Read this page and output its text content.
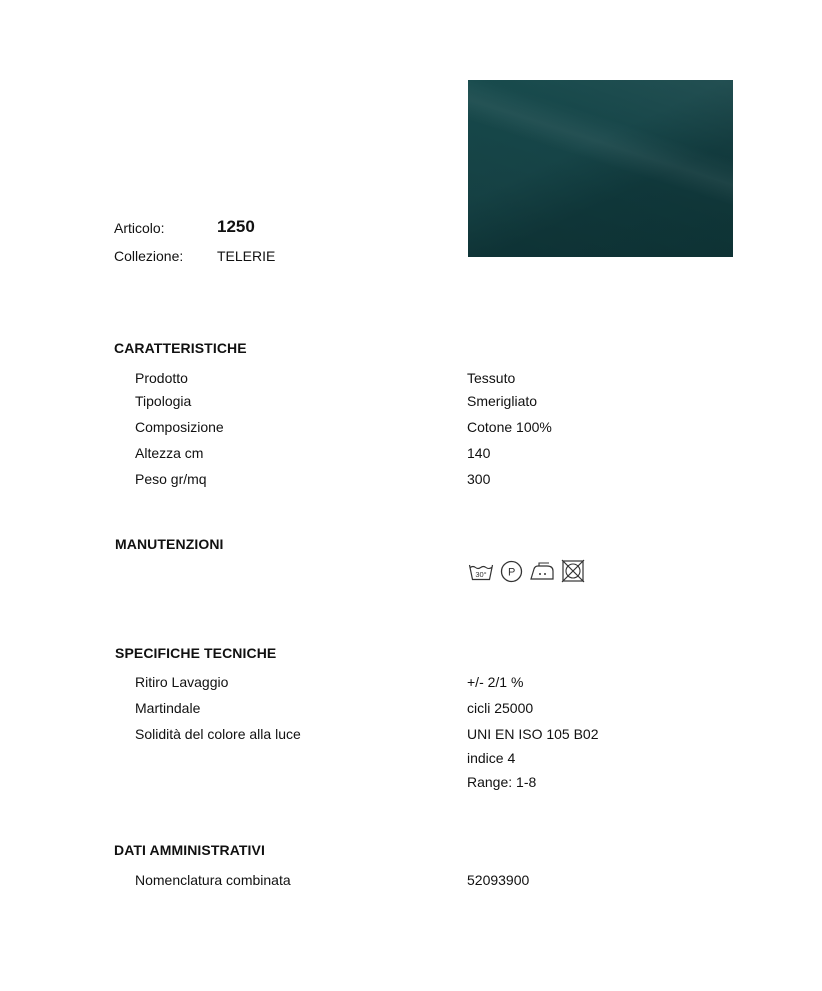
Articolo:	1250
Collezione: TELERIE
CARATTERISTICHE
Prodotto	Tessuto
Tipologia	Smerigliato
Composizione	Cotone 100%
Altezza cm	140
Peso gr/mq	300
MANUTENZIONI
30° P
SPECIFICHE TECNICHE
Ritiro Lavaggio	+/- 2/1 %
Martindale	cicli 25000
Solidità del colore alla luce	UNI EN ISO 105 B02
indice 4
Range: 1-8
DATI AMMINISTRATIVI
Nomenclatura combinata	52093900
